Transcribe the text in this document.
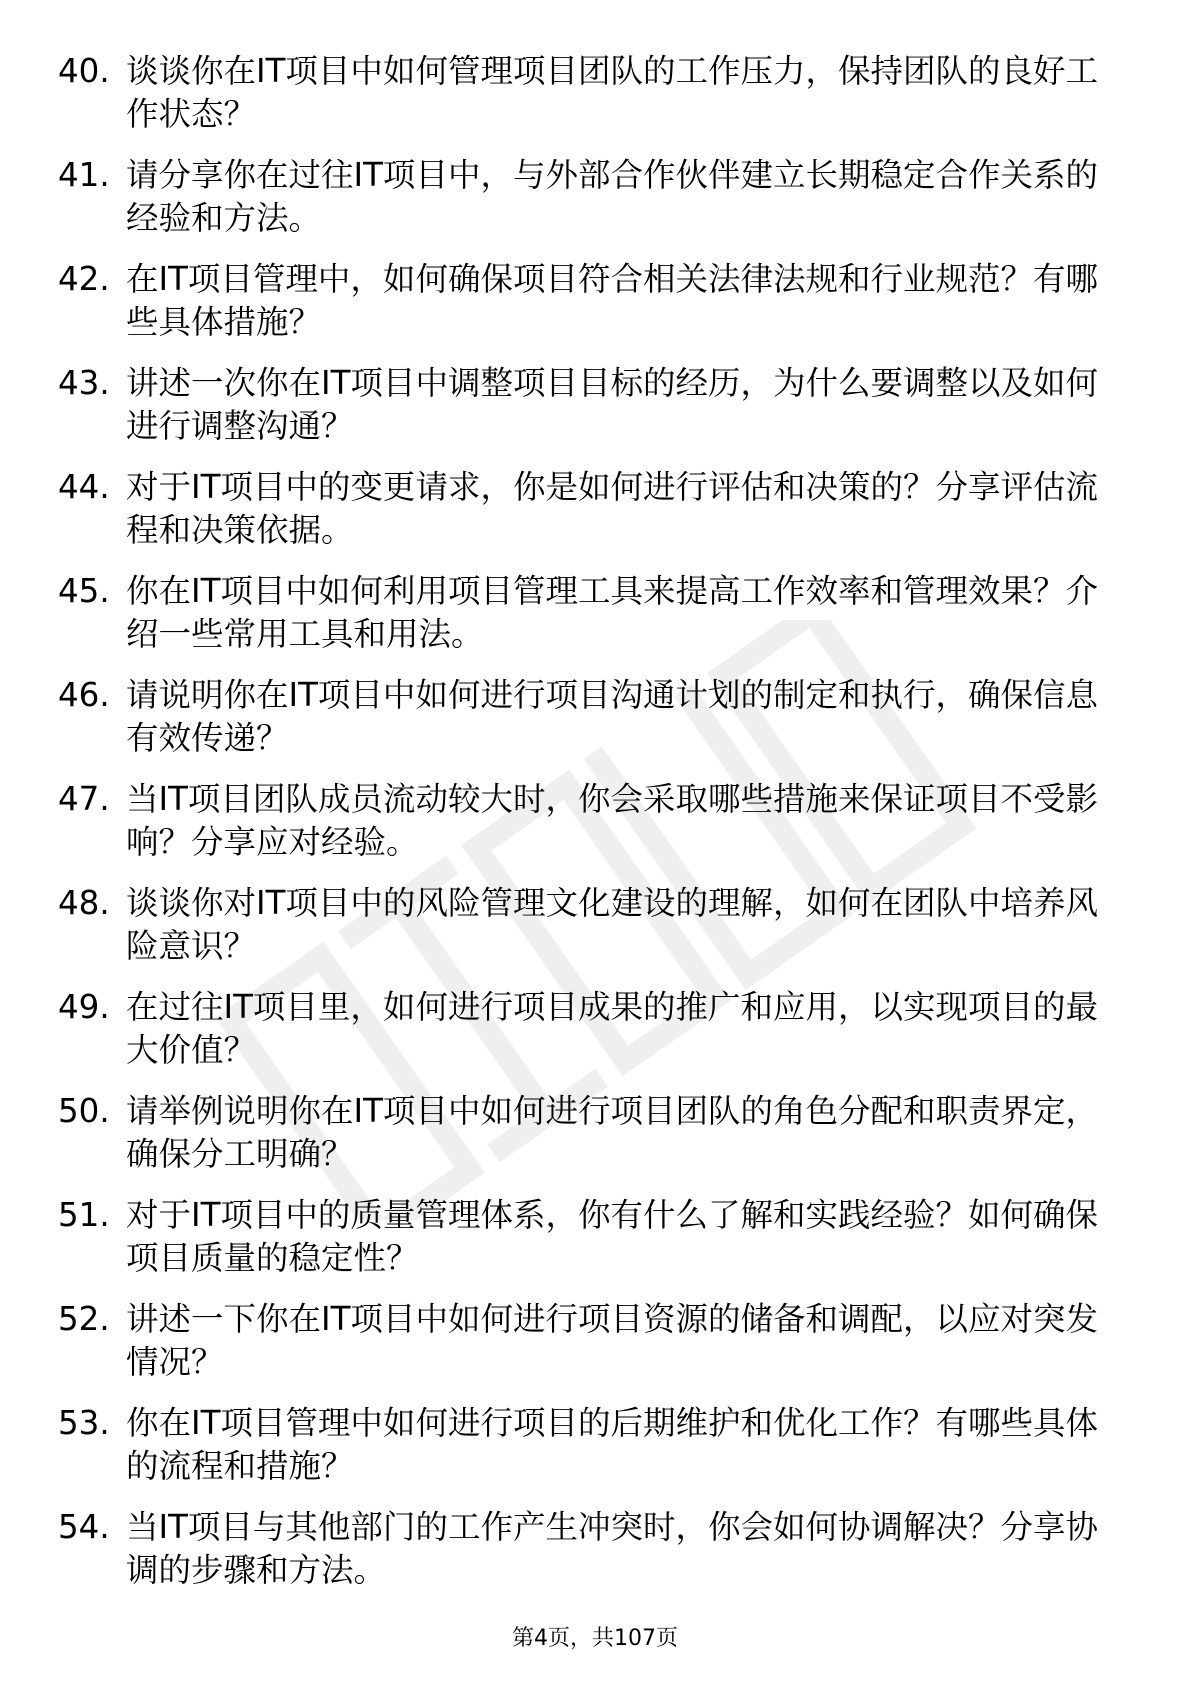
40. 谈谈你在IT项目中如何管理项目团队的工作压力，保持团队的良好工作状态？
41. 请分享你在过往IT项目中，与外部合作伙伴建立长期稳定合作关系的经验和方法。
42. 在IT项目管理中，如何确保项目符合相关法律法规和行业规范？有哪些具体措施？
43. 讲述一次你在IT项目中调整项目目标的经历，为什么要调整以及如何进行调整沟通？
44. 对于IT项目中的变更请求，你是如何进行评估和决策的？分享评估流程和决策依据。
45. 你在IT项目中如何利用项目管理工具来提高工作效率和管理效果？介绍一些常用工具和用法。
46. 请说明你在IT项目中如何进行项目沟通计划的制定和执行，确保信息有效传递？
47. 当IT项目团队成员流动较大时，你会采取哪些措施来保证项目不受影响？分享应对经验。
48. 谈谈你对IT项目中的风险管理文化建设的理解，如何在团队中培养风险意识？
49. 在过往IT项目里，如何进行项目成果的推广和应用，以实现项目的最大价值？
50. 请举例说明你在IT项目中如何进行项目团队的角色分配和职责界定，确保分工明确？
51. 对于IT项目中的质量管理体系，你有什么了解和实践经验？如何确保项目质量的稳定性？
52. 讲述一下你在IT项目中如何进行项目资源的储备和调配，以应对突发情况？
53. 你在IT项目管理中如何进行项目的后期维护和优化工作？有哪些具体的流程和措施？
54. 当IT项目与其他部门的工作产生冲突时，你会如何协调解决？分享协调的步骤和方法。
第4页，共107页
